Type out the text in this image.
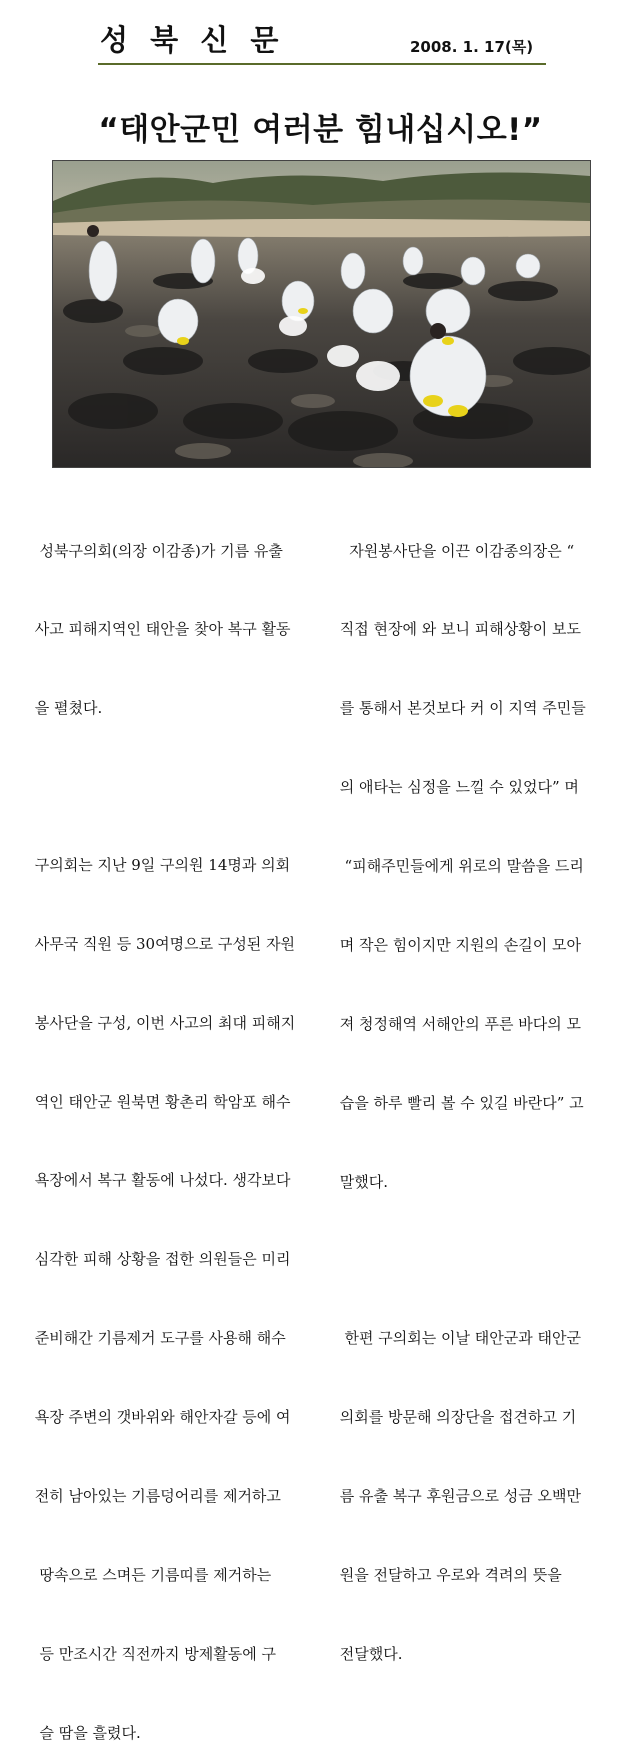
성 북 신 문	2008. 1. 17(목)
“태안군민 여러분 힘내십시오!”

성북구의회(의장 이감종)가 기름 유출

사고 피해지역인 태안을 찾아 복구 활동

을 펼쳤다.

구의회는 지난 9일 구의원 14명과 의회

사무국 직원 등 30여명으로 구성된 자원

봉사단을 구성, 이번 사고의 최대 피해지

역인 태안군 원북면 황촌리 학암포 해수

욕장에서 복구 활동에 나섰다. 생각보다

심각한 피해 상황을 접한 의원들은 미리

준비해간 기름제거 도구를 사용해 해수

욕장 주변의 갯바위와 해안자갈 등에 여

전히 남아있는 기름덩어리를 제거하고

땅속으로 스며든 기름띠를 제거하는

등 만조시간 직전까지 방제활동에 구

슬 땀을 흘렸다.

자원봉사단을 이끈 이감종의장은 “

직접 현장에 와 보니 피해상황이 보도

를 통해서 본것보다 커 이 지역 주민들

의 애타는 심정을 느낄 수 있었다” 며

“피해주민들에게 위로의 말씀을 드리

며 작은 힘이지만 지원의 손길이 모아

져 청정해역 서해안의 푸른 바다의 모

습을 하루 빨리 볼 수 있길 바란다” 고

말했다.

한편 구의회는 이날 태안군과 태안군

의회를 방문해 의장단을 접견하고 기

름 유출 복구 후원금으로 성금 오백만

원을 전달하고 우로와 격려의 뜻을

전달했다.
